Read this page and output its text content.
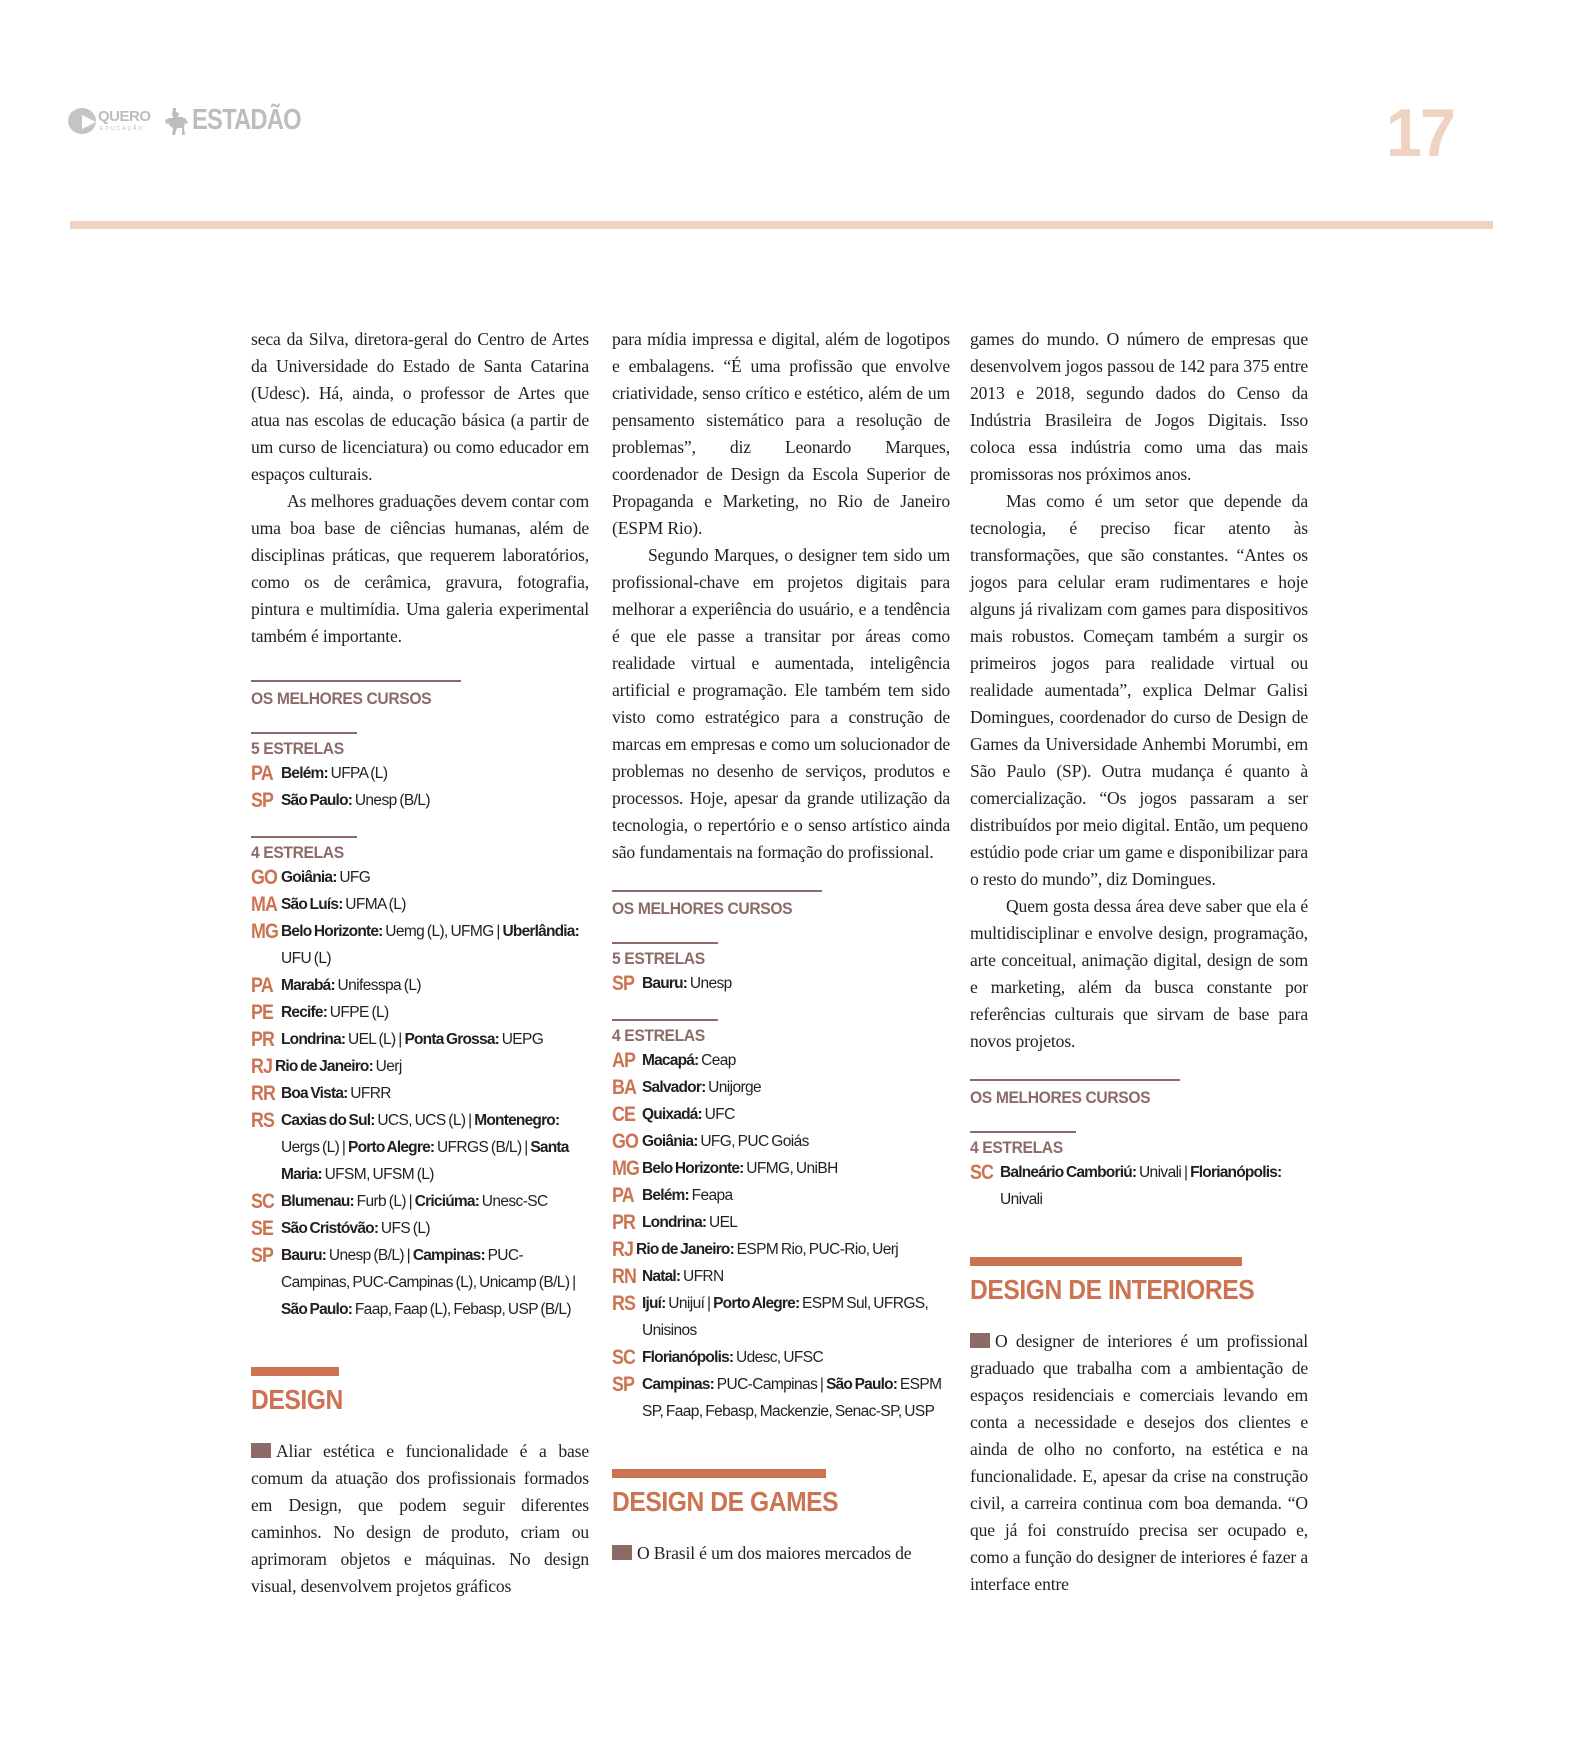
QUERO
EDUCAÇÃO ESTADÃO	17

seca da Silva, diretora-geral do Centro de Artes da Universidade do Estado de Santa Catarina (Udesc). Há, ainda, o professor de Artes que atua nas escolas de educação básica (a partir de um curso de licenciatura) ou como educador em espaços culturais.

As melhores graduações devem contar com uma boa base de ciências humanas, além de disciplinas práticas, que requerem laboratórios, como os de cerâmica, gravura, fotografia, pintura e multimídia. Uma galeria experimental também é importante.

OS MELHORES CURSOS
5 ESTRELAS
PA Belém: UFPA (L)
SP São Paulo: Unesp (B/L)
4 ESTRELAS
GO Goiânia: UFG
MA São Luís: UFMA (L)
MG Belo Horizonte: Uemg (L), UFMG | Uberlândia: UFU (L)
PA Marabá: Unifesspa (L)
PE Recife: UFPE (L)
PR Londrina: UEL (L) | Ponta Grossa: UEPG
RJ Rio de Janeiro: Uerj
RR Boa Vista: UFRR
RS Caxias do Sul: UCS, UCS (L) | Montenegro: Uergs (L) | Porto Alegre: UFRGS (B/L) | Santa Maria: UFSM, UFSM (L)
SC Blumenau: Furb (L) | Criciúma: Unesc-SC
SE São Cristóvão: UFS (L)
SP Bauru: Unesp (B/L) | Campinas: PUC-Campinas, PUC-Campinas (L), Unicamp (B/L) | São Paulo: Faap, Faap (L), Febasp, USP (B/L)
DESIGN

Aliar estética e funcionalidade é a base comum da atuação dos profissionais formados em Design, que podem seguir diferentes caminhos. No design de produto, criam ou aprimoram objetos e máquinas. No design visual, desenvolvem projetos gráficos

para mídia impressa e digital, além de logotipos e embalagens. “É uma profissão que envolve criatividade, senso crítico e estético, além de um pensamento sistemático para a resolução de problemas”, diz Leonardo Marques, coordenador de Design da Escola Superior de Propaganda e Marketing, no Rio de Janeiro (ESPM Rio).

Segundo Marques, o designer tem sido um profissional-chave em projetos digitais para melhorar a experiência do usuário, e a tendência é que ele passe a transitar por áreas como realidade virtual e aumentada, inteligência artificial e programação. Ele também tem sido visto como estratégico para a construção de marcas em empresas e como um solucionador de problemas no desenho de serviços, produtos e processos. Hoje, apesar da grande utilização da tecnologia, o repertório e o senso artístico ainda são fundamentais na formação do profissional.

OS MELHORES CURSOS
5 ESTRELAS
SP Bauru: Unesp
4 ESTRELAS
AP Macapá: Ceap
BA Salvador: Unijorge
CE Quixadá: UFC
GO Goiânia: UFG, PUC Goiás
MG Belo Horizonte: UFMG, UniBH
PA Belém: Feapa
PR Londrina: UEL
RJ Rio de Janeiro: ESPM Rio, PUC-Rio, Uerj
RN Natal: UFRN
RS Ijuí: Unijuí | Porto Alegre: ESPM Sul, UFRGS, Unisinos
SC Florianópolis: Udesc, UFSC
SP Campinas: PUC-Campinas | São Paulo: ESPM SP, Faap, Febasp, Mackenzie, Senac-SP, USP
DESIGN DE GAMES

O Brasil é um dos maiores mercados de

games do mundo. O número de empresas que desenvolvem jogos passou de 142 para 375 entre 2013 e 2018, segundo dados do Censo da Indústria Brasileira de Jogos Digitais. Isso coloca essa indústria como uma das mais promissoras nos próximos anos.

Mas como é um setor que depende da tecnologia, é preciso ficar atento às transformações, que são constantes. “Antes os jogos para celular eram rudimentares e hoje alguns já rivalizam com games para dispositivos mais robustos. Começam também a surgir os primeiros jogos para realidade virtual ou realidade aumentada”, explica Delmar Galisi Domingues, coordenador do curso de Design de Games da Universidade Anhembi Morumbi, em São Paulo (SP). Outra mudança é quanto à comercialização. “Os jogos passaram a ser distribuídos por meio digital. Então, um pequeno estúdio pode criar um game e disponibilizar para o resto do mundo”, diz Domingues.

Quem gosta dessa área deve saber que ela é multidisciplinar e envolve design, programação, arte conceitual, animação digital, design de som e marketing, além da busca constante por referências culturais que sirvam de base para novos projetos.

OS MELHORES CURSOS
4 ESTRELAS
SC Balneário Camboriú: Univali | Florianópolis: Univali
DESIGN DE INTERIORES

O designer de interiores é um profissional graduado que trabalha com a ambientação de espaços residenciais e comerciais levando em conta a necessidade e desejos dos clientes e ainda de olho no conforto, na estética e na funcionalidade. E, apesar da crise na construção civil, a carreira continua com boa demanda. “O que já foi construído precisa ser ocupado e, como a função do designer de interiores é fazer a interface entre
